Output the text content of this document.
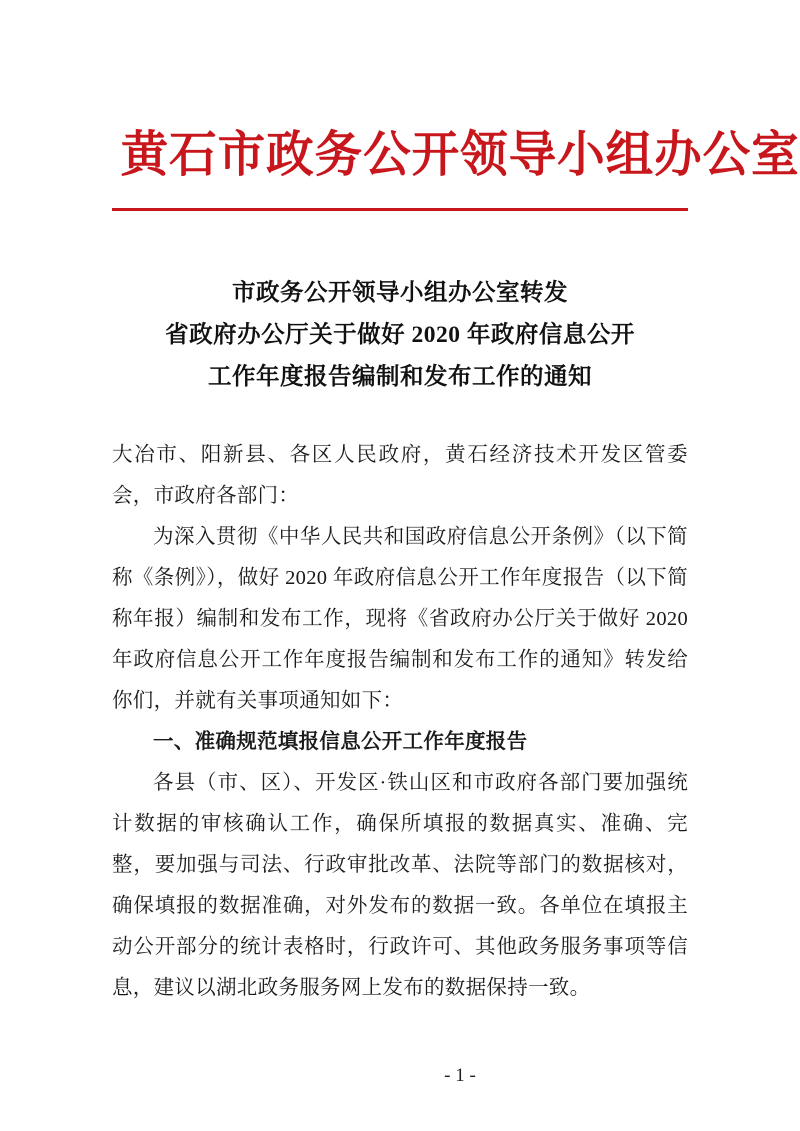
黄石市政务公开领导小组办公室
市政务公开领导小组办公室转发
省政府办公厅关于做好 2020 年政府信息公开
工作年度报告编制和发布工作的通知

大冶市、阳新县、各区人民政府，黄石经济技术开发区管委会，市政府各部门：

为深入贯彻《中华人民共和国政府信息公开条例》（以下简称《条例》），做好 2020 年政府信息公开工作年度报告（以下简称年报）编制和发布工作，现将《省政府办公厅关于做好 2020 年政府信息公开工作年度报告编制和发布工作的通知》转发给你们，并就有关事项通知如下：

一、准确规范填报信息公开工作年度报告

各县（市、区）、开发区·铁山区和市政府各部门要加强统计数据的审核确认工作，确保所填报的数据真实、准确、完整，要加强与司法、行政审批改革、法院等部门的数据核对，确保填报的数据准确，对外发布的数据一致。各单位在填报主动公开部分的统计表格时，行政许可、其他政务服务事项等信息，建议以湖北政务服务网上发布的数据保持一致。

- 1 -
